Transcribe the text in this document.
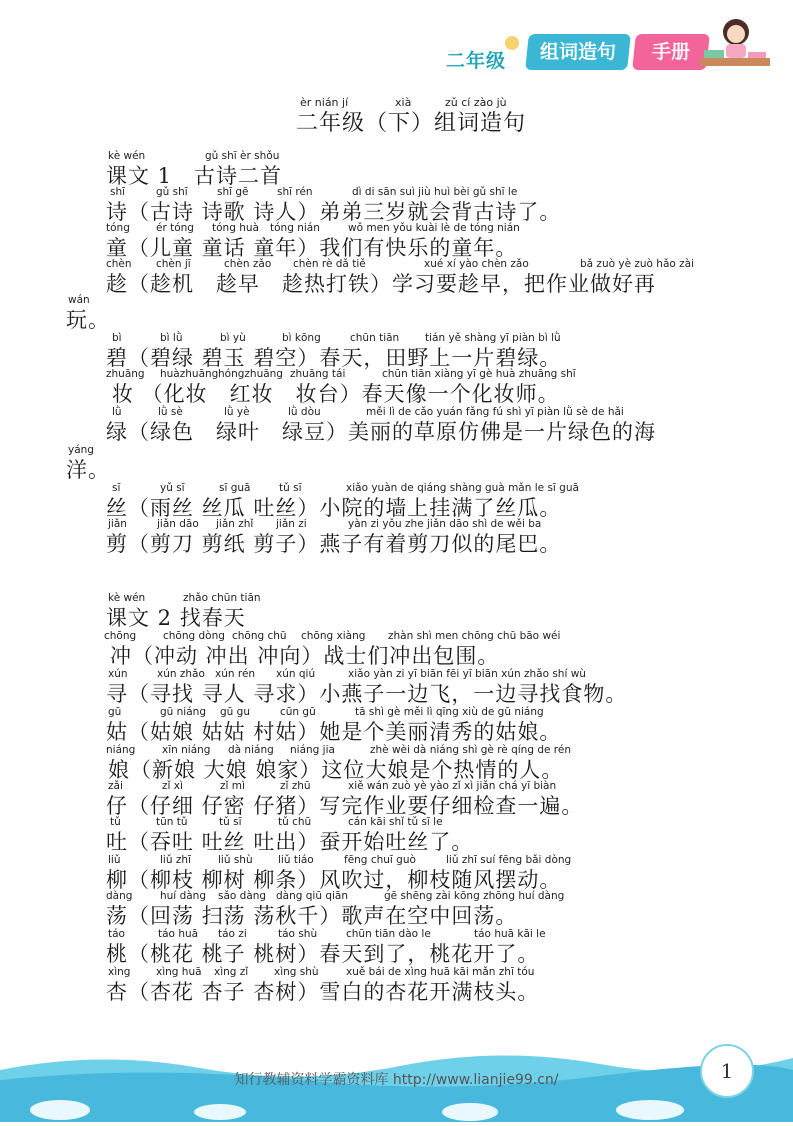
二年级	组词造句	手册
èr nián jí	xià	zǔ cí zào jù
二年级（下）组词造句
kè wén	gǔ shī èr shǒu
课文 1　古诗二首
shī	gǔ shī	shī gē	shī rén	dì di sān suì jiù huì bèi gǔ shī le
诗（古诗 诗歌 诗人）弟弟三岁就会背古诗了。
tóng ér tóng tóng huà tóng nián	wǒ men yǒu kuài lè de tóng nián
童（儿童 童话 童年）我们有快乐的童年。
chèn chèn jī	chèn zǎo chèn rè dǎ tiě	xué xí yào chèn zǎo	bǎ zuò yè zuò hǎo zài
趁（趁机　趁早　趁热打铁）学习要趁早，把作业做好再
wán
玩。
bì	bì lǜ	bì yù	bì kōng	chūn tiān tián yě shàng yī piàn bì lǜ
碧（碧绿 碧玉 碧空）春天，田野上一片碧绿。
zhuāng huàzhuāng hóngzhuāng zhuāng tái	chūn tiān xiàng yī gè huà zhuāng shī
妆 （化妆　红妆　妆台）春天像一个化妆师。
lǜ	lǜ sè	lǜ yè	lǜ dòu	měi lì de cǎo yuán fǎng fú shì yī piàn lǜ sè de hǎi
绿（绿色　绿叶　绿豆）美丽的草原仿佛是一片绿色的海
yáng
洋。
sī	yǔ sī	sī guā	tǔ sī	xiǎo yuàn de qiáng shàng guà mǎn le sī guā
丝（雨丝 丝瓜 吐丝）小院的墙上挂满了丝瓜。
jiǎn	jiǎn dāo jiǎn zhǐ jiǎn zi	yàn zi yǒu zhe jiǎn dāo shì de wěi ba
剪（剪刀 剪纸 剪子）燕子有着剪刀似的尾巴。
kè wén	zhǎo chūn tiān
课文 2 找春天
chōng	chōng dòng chōng chū chōng xiàng zhàn shì men chōng chū bāo wéi
冲（冲动 冲出 冲向）战士们冲出包围。
xún	xún zhǎo xún rén xún qiú	xiǎo yàn zi yī biān fēi yī biān xún zhǎo shí wù
寻（寻找 寻人 寻求）小燕子一边飞，一边寻找食物。
gū	gū niáng gū gu	cūn gū	tā shì gè měi lì qīng xiù de gū niáng
姑（姑娘 姑姑 村姑）她是个美丽清秀的姑娘。
niáng	xīn niáng dà niáng niáng jia	zhè wèi dà niáng shì gè rè qíng de rén
娘（新娘 大娘 娘家）这位大娘是个热情的人。
zǎi	zǐ xì	zǐ mì	zǐ zhū	xiě wán zuò yè yào zǐ xì jiǎn chá yī biàn
仔（仔细 仔密 仔猪）写完作业要仔细检查一遍。
tǔ	tūn tǔ	tǔ sī	tǔ chū	cán kāi shǐ tǔ sī le
吐（吞吐 吐丝 吐出）蚕开始吐丝了。
liǔ	liǔ zhī	liǔ shù liǔ tiáo	fēng chuī guò	liǔ zhī suí fēng bǎi dòng
柳（柳枝 柳树 柳条）风吹过，柳枝随风摆动。
dàng	huí dàng sǎo dàng dàng qiū qiān	gē shēng zài kōng zhōng huí dàng
荡（回荡 扫荡 荡秋千）歌声在空中回荡。
táo	táo huā táo zi	táo shù	chūn tiān dào le	táo huā kāi le
桃（桃花 桃子 桃树）春天到了，桃花开了。
xìng xìng huā xìng zǐ xìng shù	xuě bái de xìng huā kāi mǎn zhī tóu
杏（杏花 杏子 杏树）雪白的杏花开满枝头。
知行教辅资料学霸资料库 http://www.lianjie99.cn/	1
